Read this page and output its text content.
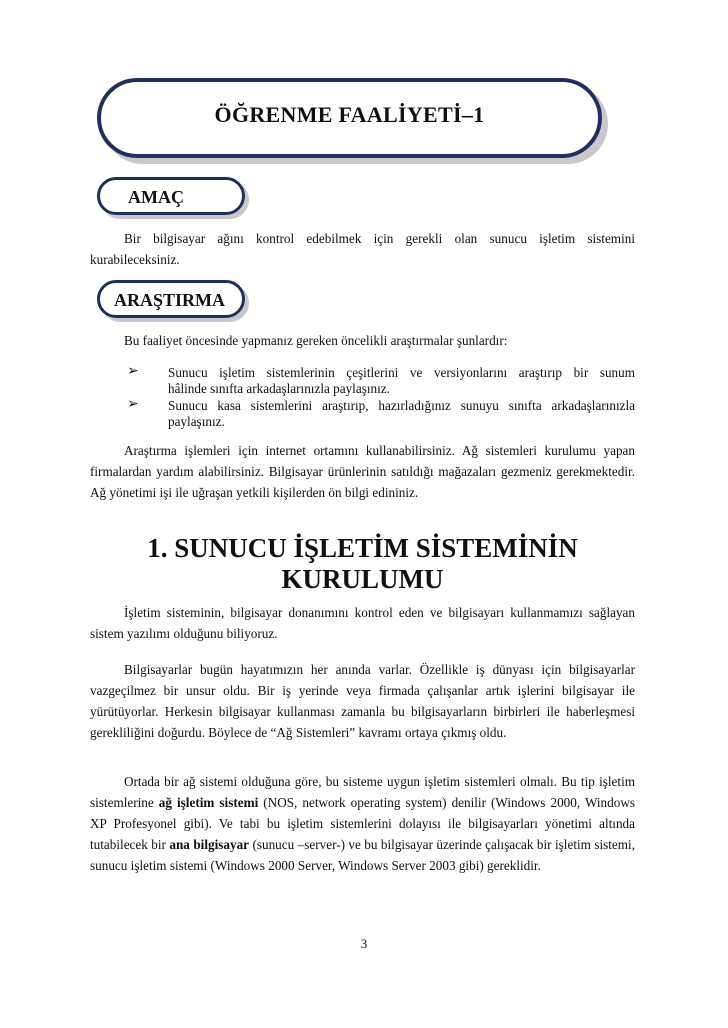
ÖĞRENME FAALİYETİ–1
AMAÇ
Bir bilgisayar ağını kontrol edebilmek için gerekli olan sunucu işletim sistemini kurabileceksiniz.
ARAŞTIRMA
Bu faaliyet öncesinde yapmanız gereken öncelikli araştırmalar şunlardır:
➢ Sunucu işletim sistemlerinin çeşitlerini ve versiyonlarını araştırıp bir sunum
hâlinde sınıfta arkadaşlarınızla paylaşınız.
➢ Sunucu kasa sistemlerini araştırıp, hazırladığınız sunuyu sınıfta arkadaşlarınızla
paylaşınız.
Araştırma işlemleri için internet ortamını kullanabilirsiniz. Ağ sistemleri kurulumu yapan firmalardan yardım alabilirsiniz. Bilgisayar ürünlerinin satıldığı mağazaları gezmeniz gerekmektedir. Ağ yönetimi işi ile uğraşan yetkili kişilerden ön bilgi edininiz.
1. SUNUCU İŞLETİM SİSTEMİNİN
KURULUMU
İşletim sisteminin, bilgisayar donanımını kontrol eden ve bilgisayarı kullanmamızı sağlayan sistem yazılımı olduğunu biliyoruz.
Bilgisayarlar bugün hayatımızın her anında varlar. Özellikle iş dünyası için bilgisayarlar vazgeçilmez bir unsur oldu. Bir iş yerinde veya firmada çalışanlar artık işlerini bilgisayar ile yürütüyorlar. Herkesin bilgisayar kullanması zamanla bu bilgisayarların birbirleri ile haberleşmesi gerekliliğini doğurdu. Böylece de “Ağ Sistemleri” kavramı ortaya çıkmış oldu.
Ortada bir ağ sistemi olduğuna göre, bu sisteme uygun işletim sistemleri olmalı. Bu tip işletim sistemlerine ağ işletim sistemi (NOS, network operating system) denilir (Windows 2000, Windows XP Profesyonel gibi). Ve tabi bu işletim sistemlerini dolayısı ile bilgisayarları yönetimi altında tutabilecek bir ana bilgisayar (sunucu –server-) ve bu bilgisayar üzerinde çalışacak bir işletim sistemi, sunucu işletim sistemi (Windows 2000 Server, Windows Server 2003 gibi) gereklidir.
3
